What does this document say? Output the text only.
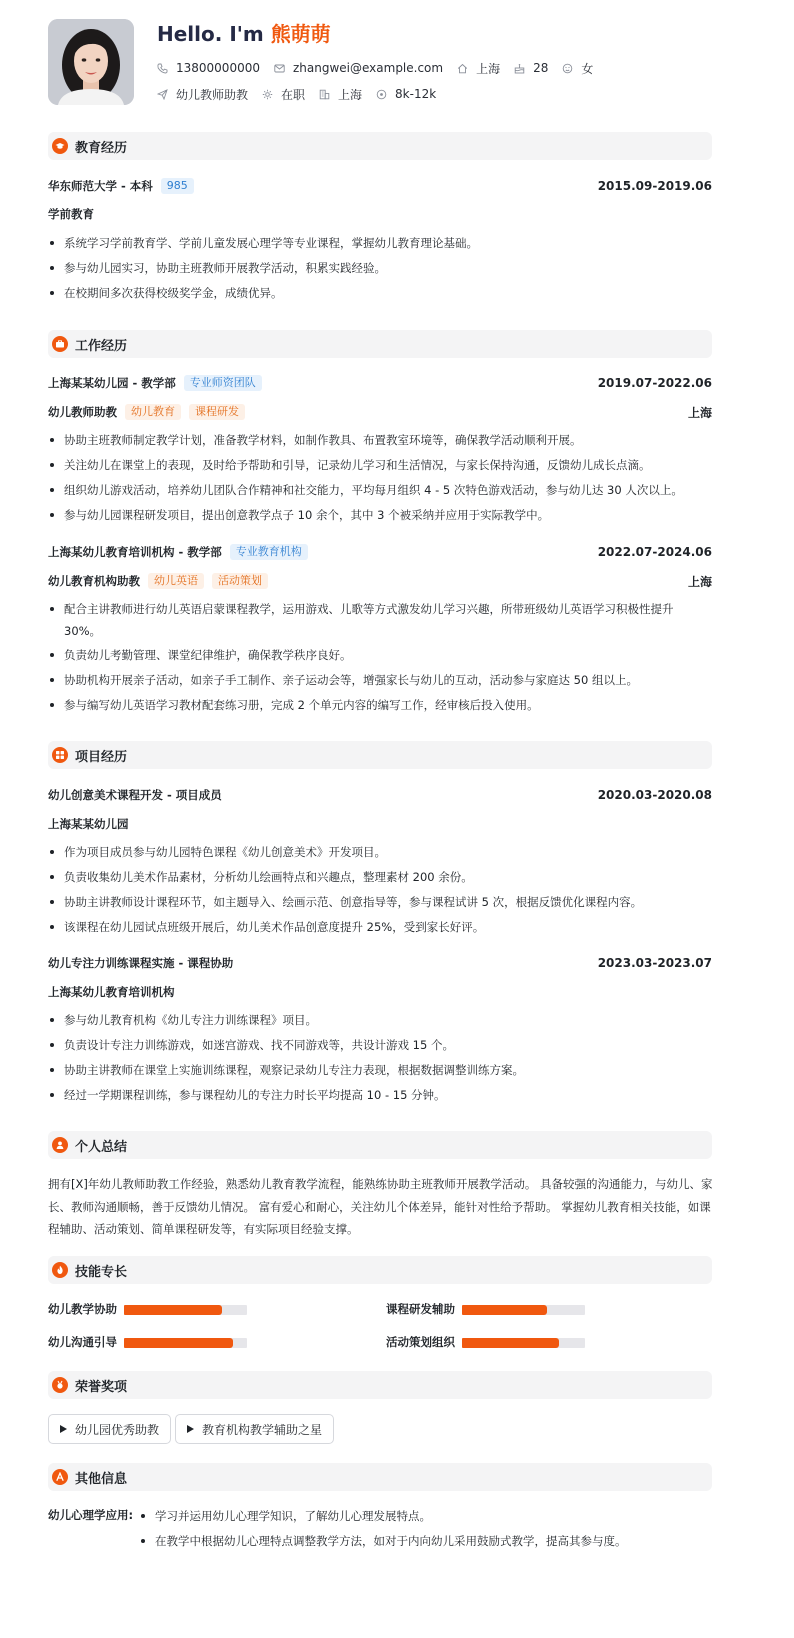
Hello. I'm 熊萌萌
13800000000	zhangwei@example.com	上海	28	女
幼儿教师助教	在职	上海	8k-12k
教育经历
华东师范大学 - 本科	985	2015.09-2019.06
学前教育
系统学习学前教育学、学前儿童发展心理学等专业课程，掌握幼儿教育理论基础。
参与幼儿园实习，协助主班教师开展教学活动，积累实践经验。
在校期间多次获得校级奖学金，成绩优异。
工作经历
上海某某幼儿园 - 教学部	专业师资团队	2019.07-2022.06
幼儿教师助教	幼儿教育	课程研发	上海
协助主班教师制定教学计划，准备教学材料，如制作教具、布置教室环境等，确保教学活动顺利开展。
关注幼儿在课堂上的表现，及时给予帮助和引导，记录幼儿学习和生活情况，与家长保持沟通，反馈幼儿成长点滴。
组织幼儿游戏活动，培养幼儿团队合作精神和社交能力，平均每月组织 4 - 5 次特色游戏活动，参与幼儿达 30 人次以上。
参与幼儿园课程研发项目，提出创意教学点子 10 余个，其中 3 个被采纳并应用于实际教学中。
上海某幼儿教育培训机构 - 教学部	专业教育机构	2022.07-2024.06
幼儿教育机构助教	幼儿英语	活动策划	上海
配合主讲教师进行幼儿英语启蒙课程教学，运用游戏、儿歌等方式激发幼儿学习兴趣，所带班级幼儿英语学习积极性提升 30%。
负责幼儿考勤管理、课堂纪律维护，确保教学秩序良好。
协助机构开展亲子活动，如亲子手工制作、亲子运动会等，增强家长与幼儿的互动，活动参与家庭达 50 组以上。
参与编写幼儿英语学习教材配套练习册，完成 2 个单元内容的编写工作，经审核后投入使用。
项目经历
幼儿创意美术课程开发 - 项目成员	2020.03-2020.08
上海某某幼儿园
作为项目成员参与幼儿园特色课程《幼儿创意美术》开发项目。
负责收集幼儿美术作品素材，分析幼儿绘画特点和兴趣点，整理素材 200 余份。
协助主讲教师设计课程环节，如主题导入、绘画示范、创意指导等，参与课程试讲 5 次，根据反馈优化课程内容。
该课程在幼儿园试点班级开展后，幼儿美术作品创意度提升 25%，受到家长好评。
幼儿专注力训练课程实施 - 课程协助	2023.03-2023.07
上海某幼儿教育培训机构
参与幼儿教育机构《幼儿专注力训练课程》项目。
负责设计专注力训练游戏，如迷宫游戏、找不同游戏等，共设计游戏 15 个。
协助主讲教师在课堂上实施训练课程，观察记录幼儿专注力表现，根据数据调整训练方案。
经过一学期课程训练，参与课程幼儿的专注力时长平均提高 10 - 15 分钟。
个人总结
拥有[X]年幼儿教师助教工作经验，熟悉幼儿教育教学流程，能熟练协助主班教师开展教学活动。 具备较强的沟通能力，与幼儿、家
长、教师沟通顺畅，善于反馈幼儿情况。 富有爱心和耐心，关注幼儿个体差异，能针对性给予帮助。 掌握幼儿教育相关技能，如课
程辅助、活动策划、简单课程研发等，有实际项目经验支撑。
技能专长
幼儿教学协助	课程研发辅助
幼儿沟通引导	活动策划组织
荣誉奖项
幼儿园优秀助教	教育机构教学辅助之星
其他信息
幼儿心理学应用:	学习并运用幼儿心理学知识，了解幼儿心理发展特点。
在教学中根据幼儿心理特点调整教学方法，如对于内向幼儿采用鼓励式教学，提高其参与度。
